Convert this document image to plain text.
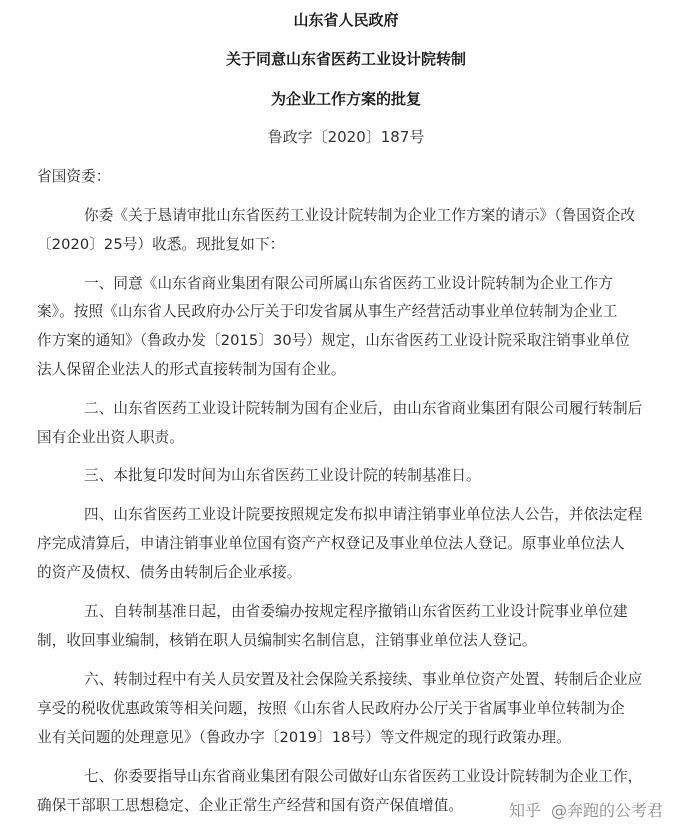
山东省人民政府
关于同意山东省医药工业设计院转制
为企业工作方案的批复
鲁政字〔2020〕187号
省国资委：
你委《关于恳请审批山东省医药工业设计院转制为企业工作方案的请示》（鲁国资企改
〔2020〕25号）收悉。现批复如下：
一、同意《山东省商业集团有限公司所属山东省医药工业设计院转制为企业工作方
案》。按照《山东省人民政府办公厅关于印发省属从事生产经营活动事业单位转制为企业工
作方案的通知》（鲁政办发〔2015〕30号）规定，山东省医药工业设计院采取注销事业单位
法人保留企业法人的形式直接转制为国有企业。
二、山东省医药工业设计院转制为国有企业后，由山东省商业集团有限公司履行转制后
国有企业出资人职责。
三、本批复印发时间为山东省医药工业设计院的转制基准日。
四、山东省医药工业设计院要按照规定发布拟申请注销事业单位法人公告，并依法定程
序完成清算后，申请注销事业单位国有资产产权登记及事业单位法人登记。原事业单位法人
的资产及债权、债务由转制后企业承接。
五、自转制基准日起，由省委编办按规定程序撤销山东省医药工业设计院事业单位建
制，收回事业编制，核销在职人员编制实名制信息，注销事业单位法人登记。
六、转制过程中有关人员安置及社会保险关系接续、事业单位资产处置、转制后企业应
享受的税收优惠政策等相关问题，按照《山东省人民政府办公厅关于省属事业单位转制为企
业有关问题的处理意见》（鲁政办字〔2019〕18号）等文件规定的现行政策办理。
七、你委要指导山东省商业集团有限公司做好山东省医药工业设计院转制为企业工作，
确保干部职工思想稳定、企业正常生产经营和国有资产保值增值。	知乎 @奔跑的公考君
